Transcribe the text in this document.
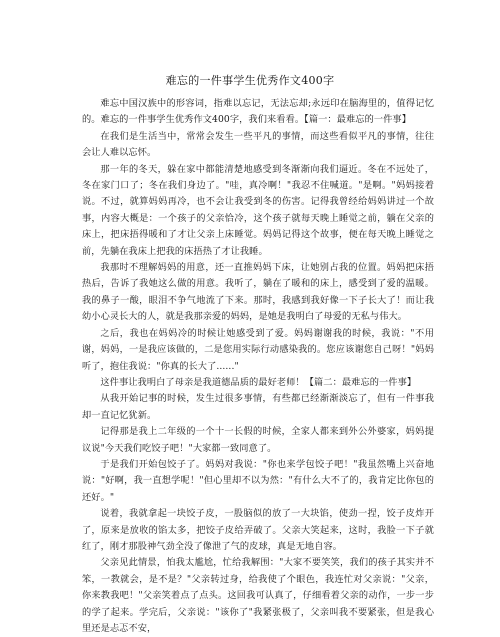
难忘的一件事学生优秀作文400字

难忘中国汉族中的形容词，指难以忘记，无法忘却;永远印在脑海里的，值得记忆的。难忘的一件事学生优秀作文400字，我们来看看。【篇一：最难忘的一件事】

在我们是生活当中，常常会发生一些平凡的事情，而这些看似平凡的事情，往往会让人难以忘怀。

那一年的冬天，躲在家中都能清楚地感受到冬渐渐向我们逼近。冬在不远处了，冬在家门口了；冬在我们身边了。"哇，真冷啊！"我忍不住喊道。"是啊。"妈妈接着说。不过，就算妈妈再冷，也不会让我受到冬的伤害。记得我曾经给妈妈讲过一个故事，内容大概是：一个孩子的父亲恰冷，这个孩子就每天晚上睡觉之前，躺在父亲的床上，把床捂得暖和了才让父亲上床睡觉。妈妈记得这个故事，便在每天晚上睡觉之前，先躺在我床上把我的床捂热了才让我睡。

我那时不理解妈妈的用意，还一直推妈妈下床，让她别占我的位置。妈妈把床捂热后，告诉了我她这么做的用意。我听了，躺在了暖和的床上，感受到了爱的温暖。我的鼻子一酸，眼泪不争气地流了下来。那时，我感到我好像一下子长大了！而让我幼小心灵长大的人，就是我那亲爱的妈妈，是她是我明白了母爱的无私与伟大。

之后，我也在妈妈冷的时候让她感受到了爱。妈妈谢谢我的时候，我说："不用谢，妈妈，一是我应该做的，二是您用实际行动感染我的。您应该谢您自己呀！"妈妈听了，抱住我说："你真的长大了......"

这件事让我明白了母亲是我道德品质的最好老师！【篇二：最难忘的一件事】

从我开始记事的时候，发生过很多事情，有些都已经渐渐淡忘了，但有一件事我却一直记忆犹新。

记得那是我上二年级的一个十一长假的时候，全家人都来到外公外婆家，妈妈提议说"今天我们吃饺子吧！"大家都一致同意了。

于是我们开始包饺子了。妈妈对我说："你也来学包饺子吧！"我虽然嘴上兴奋地说："好啊，我一直想学呢！"但心里却不以为然："有什么大不了的，我肯定比你包的还好。"

说着，我就拿起一块饺子皮，一股脑似的放了一大块馅，使劲一捏，饺子皮炸开了，原来是放收的馅太多，把饺子皮给弄破了。父亲大笑起来，这时，我脸一下子就红了，刚才那股神气劲全没了像泄了气的皮球，真是无地自容。

父亲见此情景，怕我太尴尬，忙给我解围："大家不要笑笑，我们的孩子其实并不笨，一教就会，是不是？"父亲转过身，给我使了个眼色，我连忙对父亲说："父亲，你来教我吧！"父亲笑着点了点头。这回我可认真了，仔细看着父亲的动作，一步一步的学了起来。学完后，父亲说："该你了"我紧张极了，父亲叫我不要紧张，但是我心里还是忐忑不安，
